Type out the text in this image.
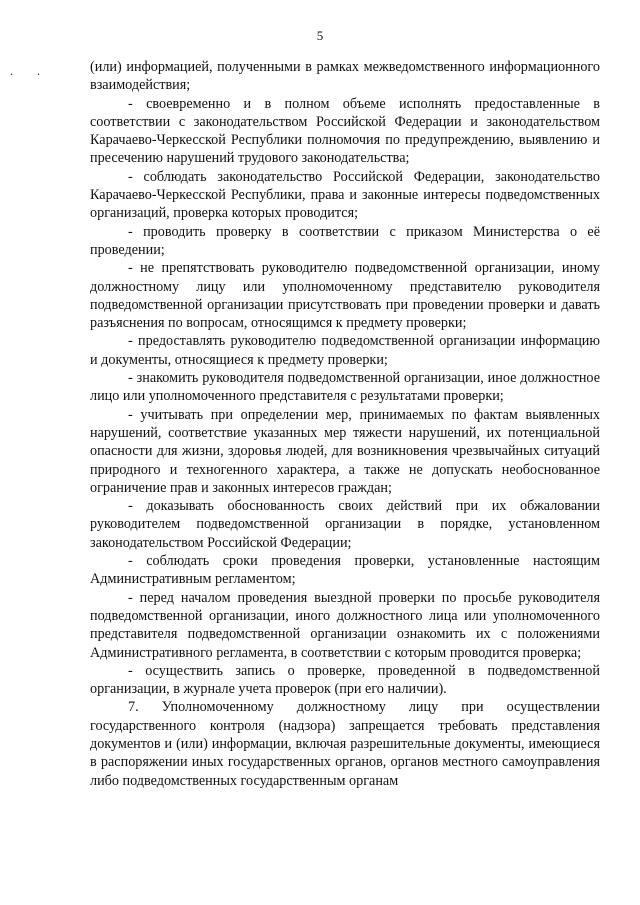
5
.. (или) информацией, полученными в рамках межведомственного информационного взаимодействия;

- своевременно и в полном объеме исполнять предоставленные в соответствии с законодательством Российской Федерации и законодательством Карачаево-Черкесской Республики полномочия по предупреждению, выявлению и пресечению нарушений трудового законодательства;

- соблюдать законодательство Российской Федерации, законодательство Карачаево-Черкесской Республики, права и законные интересы подведомственных организаций, проверка которых проводится;

- проводить проверку в соответствии с приказом Министерства о её проведении;

- не препятствовать руководителю подведомственной организации, иному должностному лицу или уполномоченному представителю руководителя подведомственной организации присутствовать при проведении проверки и давать разъяснения по вопросам, относящимся к предмету проверки;

- предоставлять руководителю подведомственной организации информацию и документы, относящиеся к предмету проверки;

- знакомить руководителя подведомственной организации, иное должностное лицо или уполномоченного представителя с результатами проверки;

- учитывать при определении мер, принимаемых по фактам выявленных нарушений, соответствие указанных мер тяжести нарушений, их потенциальной опасности для жизни, здоровья людей, для возникновения чрезвычайных ситуаций природного и техногенного характера, а также не допускать необоснованное ограничение прав и законных интересов граждан;

- доказывать обоснованность своих действий при их обжаловании руководителем подведомственной организации в порядке, установленном законодательством Российской Федерации;

- соблюдать сроки проведения проверки, установленные настоящим Административным регламентом;

- перед началом проведения выездной проверки по просьбе руководителя подведомственной организации, иного должностного лица или уполномоченного представителя подведомственной организации ознакомить их с положениями Административного регламента, в соответствии с которым проводится проверка;

- осуществить запись о проверке, проведенной в подведомственной организации, в журнале учета проверок (при его наличии).

7. Уполномоченному должностному лицу при осуществлении государственного контроля (надзора) запрещается требовать представления документов и (или) информации, включая разрешительные документы, имеющиеся в распоряжении иных государственных органов, органов местного самоуправления либо подведомственных государственным органам
